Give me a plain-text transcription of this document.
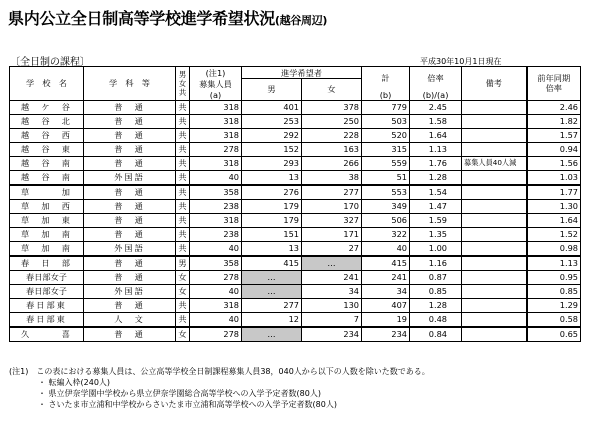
県内公立全日制高等学校進学希望状況(越谷周辺)
〔全日制の課程〕	平成30年10月1日現在
学　校　名	学　科　等	男女共	(注1)	進学希望者		計	倍率	備考	前年同期倍率
			募集人員	男	女				
			(a)			(b)	(b)/(a)		
越　ケ　谷	普　通	共	318	401	378	779	2.45		2.46
越　谷　北	普　通	共	318	253	250	503	1.58		1.82
越　谷　西	普　通	共	318	292	228	520	1.64		1.57
越　谷　東	普　通	共	278	152	163	315	1.13		0.94
越　谷　南	普　通	共	318	293	266	559	1.76	募集人員40人減	1.56
越　谷　南	外国語	共	40	13	38	51	1.28		1.03
草　　　加	普　通	共	358	276	277	553	1.54		1.77
草　加　西	普　通	共	238	179	170	349	1.47		1.30
草　加　東	普　通	共	318	179	327	506	1.59		1.64
草　加　南	普　通	共	238	151	171	322	1.35		1.52
草　加　南	外国語	共	40	13	27	40	1.00		0.98
春　日　部	普　通	男	358	415	…	415	1.16		1.13
春日部女子	普　通	女	278	…	241	241	0.87		0.95
春日部女子	外国語	女	40	…	34	34	0.85		0.85
春日部東	普　通	共	318	277	130	407	1.28		1.29
春日部東	人　文	共	40	12	7	19	0.48		0.58
久　　　喜	普　通	女	278	…	234	234	0.84		0.65
(注1)　この表における募集人員は、公立高等学校全日制課程募集人員38，040人から以下の人数を除いた数である。
・ 転編入枠(240人)
・ 県立伊奈学園中学校から県立伊奈学園総合高等学校への入学予定者数(80人)
・ さいたま市立浦和中学校からさいたま市立浦和高等学校への入学予定者数(80人)
